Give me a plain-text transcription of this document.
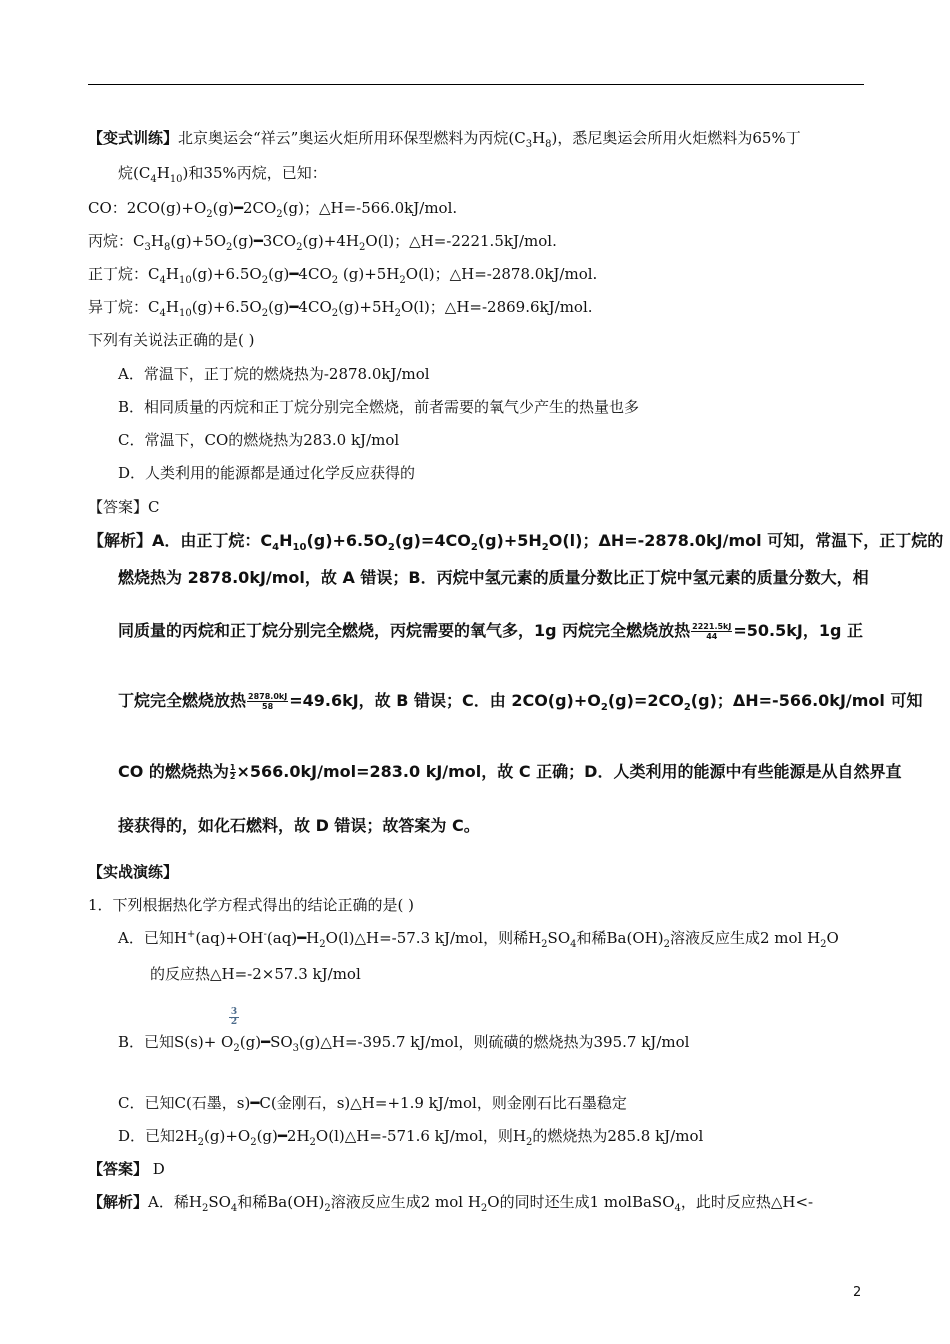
【变式训练】北京奥运会“祥云”奥运火炬所用环保型燃料为丙烷$(C_3H_8)$，悉尼奥运会所用火炬燃料为65%丁
烷$(C_4H_{10})$和35%丙烷，已知：
CO：$2CO(g)+O_2(g)━2CO_2(g)$；△H=-566.0kJ/mol.
丙烷：$C_3H_8(g)+5O_2(g)━3CO_2(g)+4H_2O(l)$；△H=-2221.5kJ/mol.
正丁烷：$C_4H_{10}(g)+6.5O_2(g)━4CO_2$ $(g)+5H_2O(l)$；△H=-2878.0kJ/mol.
异丁烷：$C_4H_{10}(g)+6.5O_2(g)━4CO_2(g)+5H_2O(l)$；△H=-2869.6kJ/mol.
下列有关说法正确的是( )
A．常温下，正丁烷的燃烧热为-2878.0kJ/mol
B．相同质量的丙烷和正丁烷分别完全燃烧，前者需要的氧气少产生的热量也多
C．常温下，CO的燃烧热为283.0 kJ/mol
D．人类利用的能源都是通过化学反应获得的
【答案】C
【解析】A．由正丁烷：$C_4H_{10}(g)+6.5O_2(g)=4CO_2(g)+5H_2O(l)$；ΔH=-2878.0kJ/mol 可知，常温下，正丁烷的
燃烧热为 2878.0kJ/mol，故 A 错误；B．丙烷中氢元素的质量分数比正丁烷中氢元素的质量分数大，相
同质量的丙烷和正丁烷分别完全燃烧，丙烷需要的氧气多，1g 丙烷完全燃烧放热 $\frac{2221.5kJ}{44} =50.5kJ$，1g 正
丁烷完全燃烧放热 $\frac{2878.0kJ}{58} =49.6kJ$，故 B 错误；C．由 $2CO(g)+O_2(g)=2CO_2(g)$；ΔH=-566.0kJ/mol 可知
CO 的燃烧热为 $\frac{1}{2} \times 566.0kJ/mol=283.0$ kJ/mol，故 C 正确；D．人类利用的能源中有些能源是从自然界直
接获得的，如化石燃料，故 D 错误；故答案为 C。
【实战演练】
1．下列根据热化学方程式得出的结论正确的是( )
A．已知$H^+(aq)+OH^-(aq)━H_2O(l)\triangle H=-57.3$ kJ/mol，则稀$H_2SO_4$和稀$Ba(OH)_2$溶液反应生成2 mol $H_2O$
的反应热△H=-2×57.3 kJ/mol
3
2
B．已知$S(s)+ O_2(g)━SO_3(g)\triangle H=-395.7$ kJ/mol，则硫磺的燃烧热为395.7 kJ/mol
C．已知C(石墨，s)━C(金刚石，s)△H=+1.9 kJ/mol，则金刚石比石墨稳定
D．已知$2H_2(g)+O_2(g)━2H_2O(l)\triangle H=-571.6$ kJ/mol，则$H_2$的燃烧热为285.8 kJ/mol
【答案】 D
【解析】A．稀$H_2SO_4$和稀$Ba(OH)_2$溶液反应生成2 mol $H_2O$的同时还生成1 molBaSO$_4$，此时反应热△H<-
2
